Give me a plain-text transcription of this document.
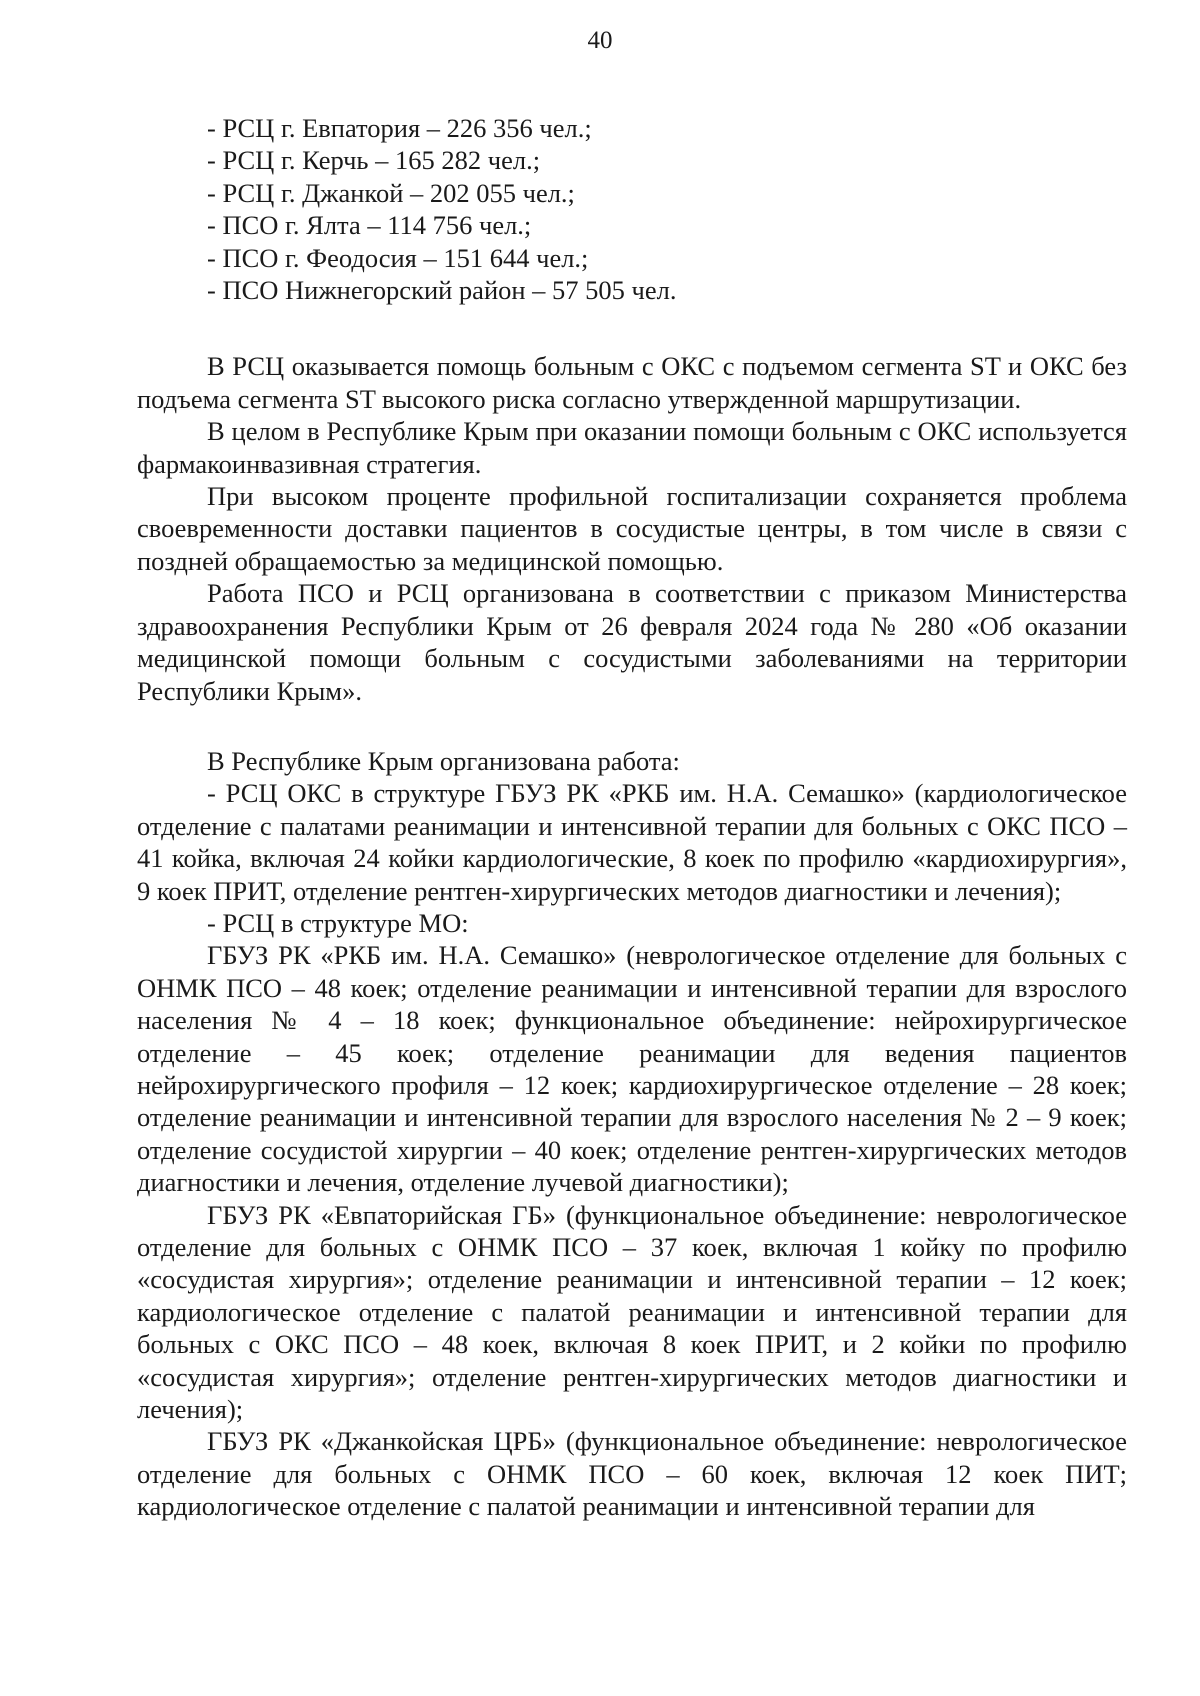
40
- РСЦ г. Евпатория – 226 356 чел.;
- РСЦ г. Керчь – 165 282 чел.;
- РСЦ г. Джанкой – 202 055 чел.;
- ПСО г. Ялта – 114 756 чел.;
- ПСО г. Феодосия – 151 644 чел.;
- ПСО Нижнегорский район – 57 505 чел.

В РСЦ оказывается помощь больным с ОКС с подъемом сегмента ST и ОКС без подъема сегмента ST высокого риска согласно утвержденной маршрутизации.

В целом в Республике Крым при оказании помощи больным с ОКС используется фармакоинвазивная стратегия.

При высоком проценте профильной госпитализации сохраняется проблема своевременности доставки пациентов в сосудистые центры, в том числе в связи с поздней обращаемостью за медицинской помощью.

Работа ПСО и РСЦ организована в соответствии с приказом Министерства здравоохранения Республики Крым от 26 февраля 2024 года № 280 «Об оказании медицинской помощи больным с сосудистыми заболеваниями на территории Республики Крым».

В Республике Крым организована работа:

- РСЦ ОКС в структуре ГБУЗ РК «РКБ им. Н.А. Семашко» (кардиологическое отделение с палатами реанимации и интенсивной терапии для больных с ОКС ПСО – 41 койка, включая 24 койки кардиологические, 8 коек по профилю «кардиохирургия», 9 коек ПРИТ, отделение рентген-хирургических методов диагностики и лечения);

- РСЦ в структуре МО:

ГБУЗ РК «РКБ им. Н.А. Семашко» (неврологическое отделение для больных с ОНМК ПСО – 48 коек; отделение реанимации и интенсивной терапии для взрослого населения № 4 – 18 коек; функциональное объединение: нейрохирургическое отделение – 45 коек; отделение реанимации для ведения пациентов нейрохирургического профиля – 12 коек; кардиохирургическое отделение – 28 коек; отделение реанимации и интенсивной терапии для взрослого населения № 2 – 9 коек; отделение сосудистой хирургии – 40 коек; отделение рентген-хирургических методов диагностики и лечения, отделение лучевой диагностики);

ГБУЗ РК «Евпаторийская ГБ» (функциональное объединение: неврологическое отделение для больных с ОНМК ПСО – 37 коек, включая 1 койку по профилю «сосудистая хирургия»; отделение реанимации и интенсивной терапии – 12 коек; кардиологическое отделение с палатой реанимации и интенсивной терапии для больных с ОКС ПСО – 48 коек, включая 8 коек ПРИТ, и 2 койки по профилю «сосудистая хирургия»; отделение рентген-хирургических методов диагностики и лечения);

ГБУЗ РК «Джанкойская ЦРБ» (функциональное объединение: неврологическое отделение для больных с ОНМК ПСО – 60 коек, включая 12 коек ПИТ; кардиологическое отделение с палатой реанимации и интенсивной терапии для
